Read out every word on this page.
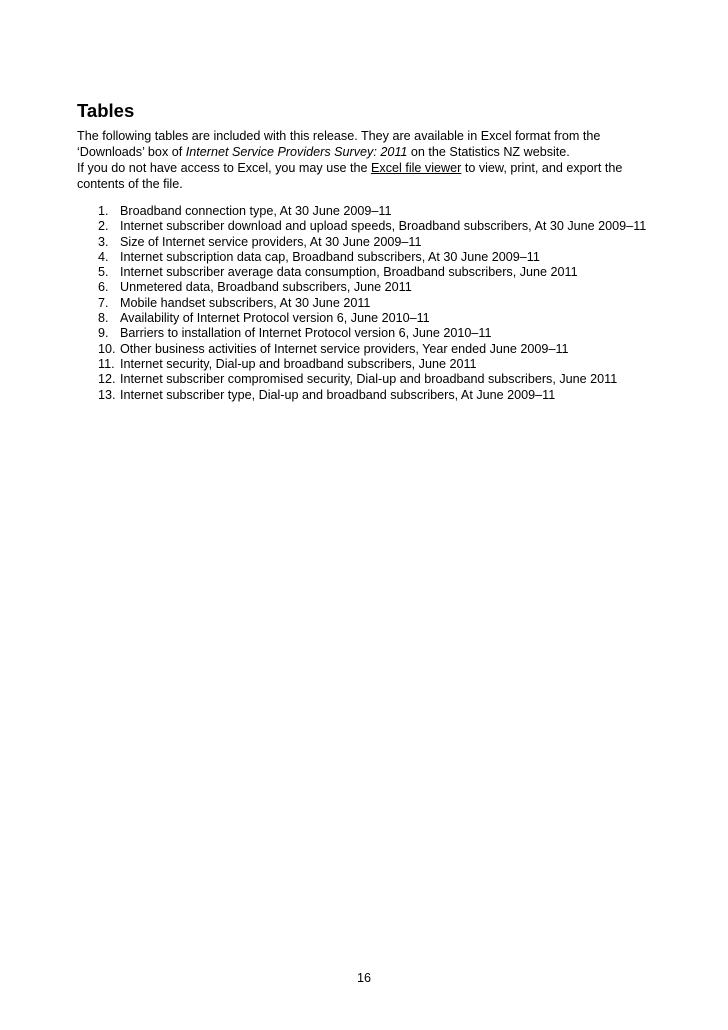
Tables

The following tables are included with this release. They are available in Excel format from the ‘Downloads’ box of Internet Service Providers Survey: 2011 on the Statistics NZ website.
If you do not have access to Excel, you may use the Excel file viewer to view, print, and export the contents of the file.

1. Broadband connection type, At 30 June 2009–11
2. Internet subscriber download and upload speeds, Broadband subscribers, At 30 June 2009–11
3. Size of Internet service providers, At 30 June 2009–11
4. Internet subscription data cap, Broadband subscribers, At 30 June 2009–11
5. Internet subscriber average data consumption, Broadband subscribers, June 2011
6. Unmetered data, Broadband subscribers, June 2011
7. Mobile handset subscribers, At 30 June 2011
8. Availability of Internet Protocol version 6, June 2010–11
9. Barriers to installation of Internet Protocol version 6, June 2010–11
10. Other business activities of Internet service providers, Year ended June 2009–11
11. Internet security, Dial-up and broadband subscribers, June 2011
12. Internet subscriber compromised security, Dial-up and broadband subscribers, June 2011
13. Internet subscriber type, Dial-up and broadband subscribers, At June 2009–11
16
